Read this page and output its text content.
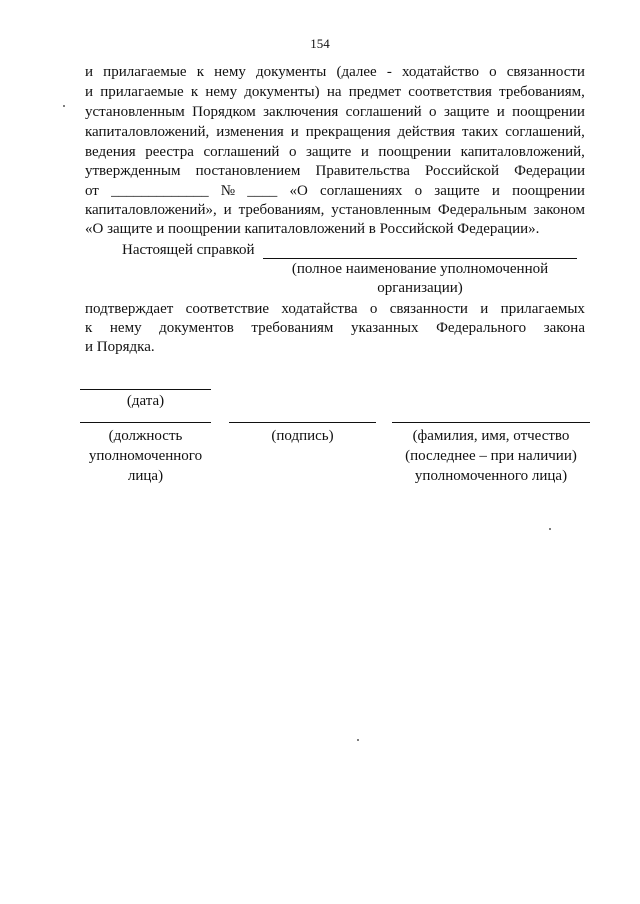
154
и прилагаемые к нему документы (далее - ходатайство о связанности
и прилагаемые к нему документы) на предмет соответствия требованиям,
установленным Порядком заключения соглашений о защите и поощрении
капиталовложений, изменения и прекращения действия таких соглашений,
ведения реестра соглашений о защите и поощрении капиталовложений,
утвержденным постановлением Правительства Российской Федерации
от _____________ № ____ «О соглашениях о защите и поощрении
капиталовложений», и требованиям, установленным Федеральным законом
«О защите и поощрении капиталовложений в Российской Федерации».
Настоящей справкой
(полное наименование уполномоченной
организации)
подтверждает соответствие ходатайства о связанности и прилагаемых
к нему документов требованиям указанных Федерального закона
и Порядка.
(дата)
(должность
уполномоченного
лица)
(подпись)	(фамилия, имя, отчество
(последнее – при наличии)
уполномоченного лица)
